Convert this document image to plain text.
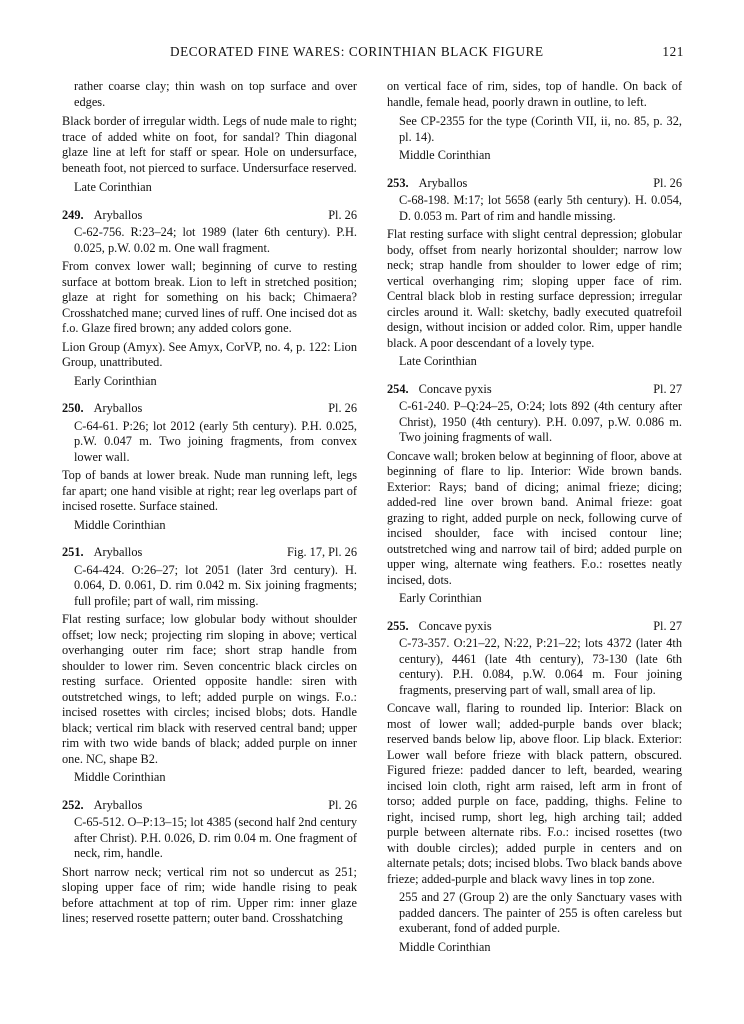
DECORATED FINE WARES: CORINTHIAN BLACK FIGURE	121

rather coarse clay; thin wash on top surface and over edges.

Black border of irregular width. Legs of nude male to right; trace of added white on foot, for sandal? Thin diagonal glaze line at left for staff or spear. Hole on undersurface, beneath foot, not pierced to surface. Undersurface reserved.

Late Corinthian

249. Aryballos	Pl. 26

C-62-756. R:23–24; lot 1989 (later 6th century). P.H. 0.025, p.W. 0.02 m. One wall fragment.

From convex lower wall; beginning of curve to resting surface at bottom break. Lion to left in stretched position; glaze at right for something on his back; Chimaera? Crosshatched mane; curved lines of ruff. One incised dot as f.o. Glaze fired brown; any added colors gone.

Lion Group (Amyx). See Amyx, CorVP, no. 4, p. 122: Lion Group, unattributed.

Early Corinthian

250. Aryballos	Pl. 26

C-64-61. P:26; lot 2012 (early 5th century). P.H. 0.025, p.W. 0.047 m. Two joining fragments, from convex lower wall.

Top of bands at lower break. Nude man running left, legs far apart; one hand visible at right; rear leg overlaps part of incised rosette. Surface stained.

Middle Corinthian

251. Aryballos	Fig. 17, Pl. 26

C-64-424. O:26–27; lot 2051 (later 3rd century). H. 0.064, D. 0.061, D. rim 0.042 m. Six joining fragments; full profile; part of wall, rim missing.

Flat resting surface; low globular body without shoulder offset; low neck; projecting rim sloping in above; vertical overhanging outer rim face; short strap handle from shoulder to lower rim. Seven concentric black circles on resting surface. Oriented opposite handle: siren with outstretched wings, to left; added purple on wings. F.o.: incised rosettes with circles; incised blobs; dots. Handle black; vertical rim black with reserved central band; upper rim with two wide bands of black; added purple on inner one. NC, shape B2.

Middle Corinthian

252. Aryballos	Pl. 26

C-65-512. O–P:13–15; lot 4385 (second half 2nd century after Christ). P.H. 0.026, D. rim 0.04 m. One fragment of neck, rim, handle.

Short narrow neck; vertical rim not so undercut as 251; sloping upper face of rim; wide handle rising to peak before attachment at top of rim. Upper rim: inner glaze lines; reserved rosette pattern; outer band. Crosshatching

on vertical face of rim, sides, top of handle. On back of handle, female head, poorly drawn in outline, to left.

See CP-2355 for the type (Corinth VII, ii, no. 85, p. 32, pl. 14).

Middle Corinthian

253. Aryballos	Pl. 26

C-68-198. M:17; lot 5658 (early 5th century). H. 0.054, D. 0.053 m. Part of rim and handle missing.

Flat resting surface with slight central depression; globular body, offset from nearly horizontal shoulder; narrow low neck; strap handle from shoulder to lower edge of rim; vertical overhanging rim; sloping upper face of rim. Central black blob in resting surface depression; irregular circles around it. Wall: sketchy, badly executed quatrefoil design, without incision or added color. Rim, upper handle black. A poor descendant of a lovely type.

Late Corinthian

254. Concave pyxis	Pl. 27

C-61-240. P–Q:24–25, O:24; lots 892 (4th century after Christ), 1950 (4th century). P.H. 0.097, p.W. 0.086 m. Two joining fragments of wall.

Concave wall; broken below at beginning of floor, above at beginning of flare to lip. Interior: Wide brown bands. Exterior: Rays; band of dicing; animal frieze; dicing; added-red line over brown band. Animal frieze: goat grazing to right, added purple on neck, following curve of incised shoulder, face with incised contour line; outstretched wing and narrow tail of bird; added purple on upper wing, alternate wing feathers. F.o.: rosettes neatly incised, dots.

Early Corinthian

255. Concave pyxis	Pl. 27

C-73-357. O:21–22, N:22, P:21–22; lots 4372 (later 4th century), 4461 (late 4th century), 73-130 (late 6th century). P.H. 0.084, p.W. 0.064 m. Four joining fragments, preserving part of wall, small area of lip.

Concave wall, flaring to rounded lip. Interior: Black on most of lower wall; added-purple bands over black; reserved bands below lip, above floor. Lip black. Exterior: Lower wall before frieze with black pattern, obscured. Figured frieze: padded dancer to left, bearded, wearing incised loin cloth, right arm raised, left arm in front of torso; added purple on face, padding, thighs. Feline to right, incised rump, short leg, high arching tail; added purple between alternate ribs. F.o.: incised rosettes (two with double circles); added purple in centers and on alternate petals; dots; incised blobs. Two black bands above frieze; added-purple and black wavy lines in top zone.

255 and 27 (Group 2) are the only Sanctuary vases with padded dancers. The painter of 255 is often careless but exuberant, fond of added purple.

Middle Corinthian
